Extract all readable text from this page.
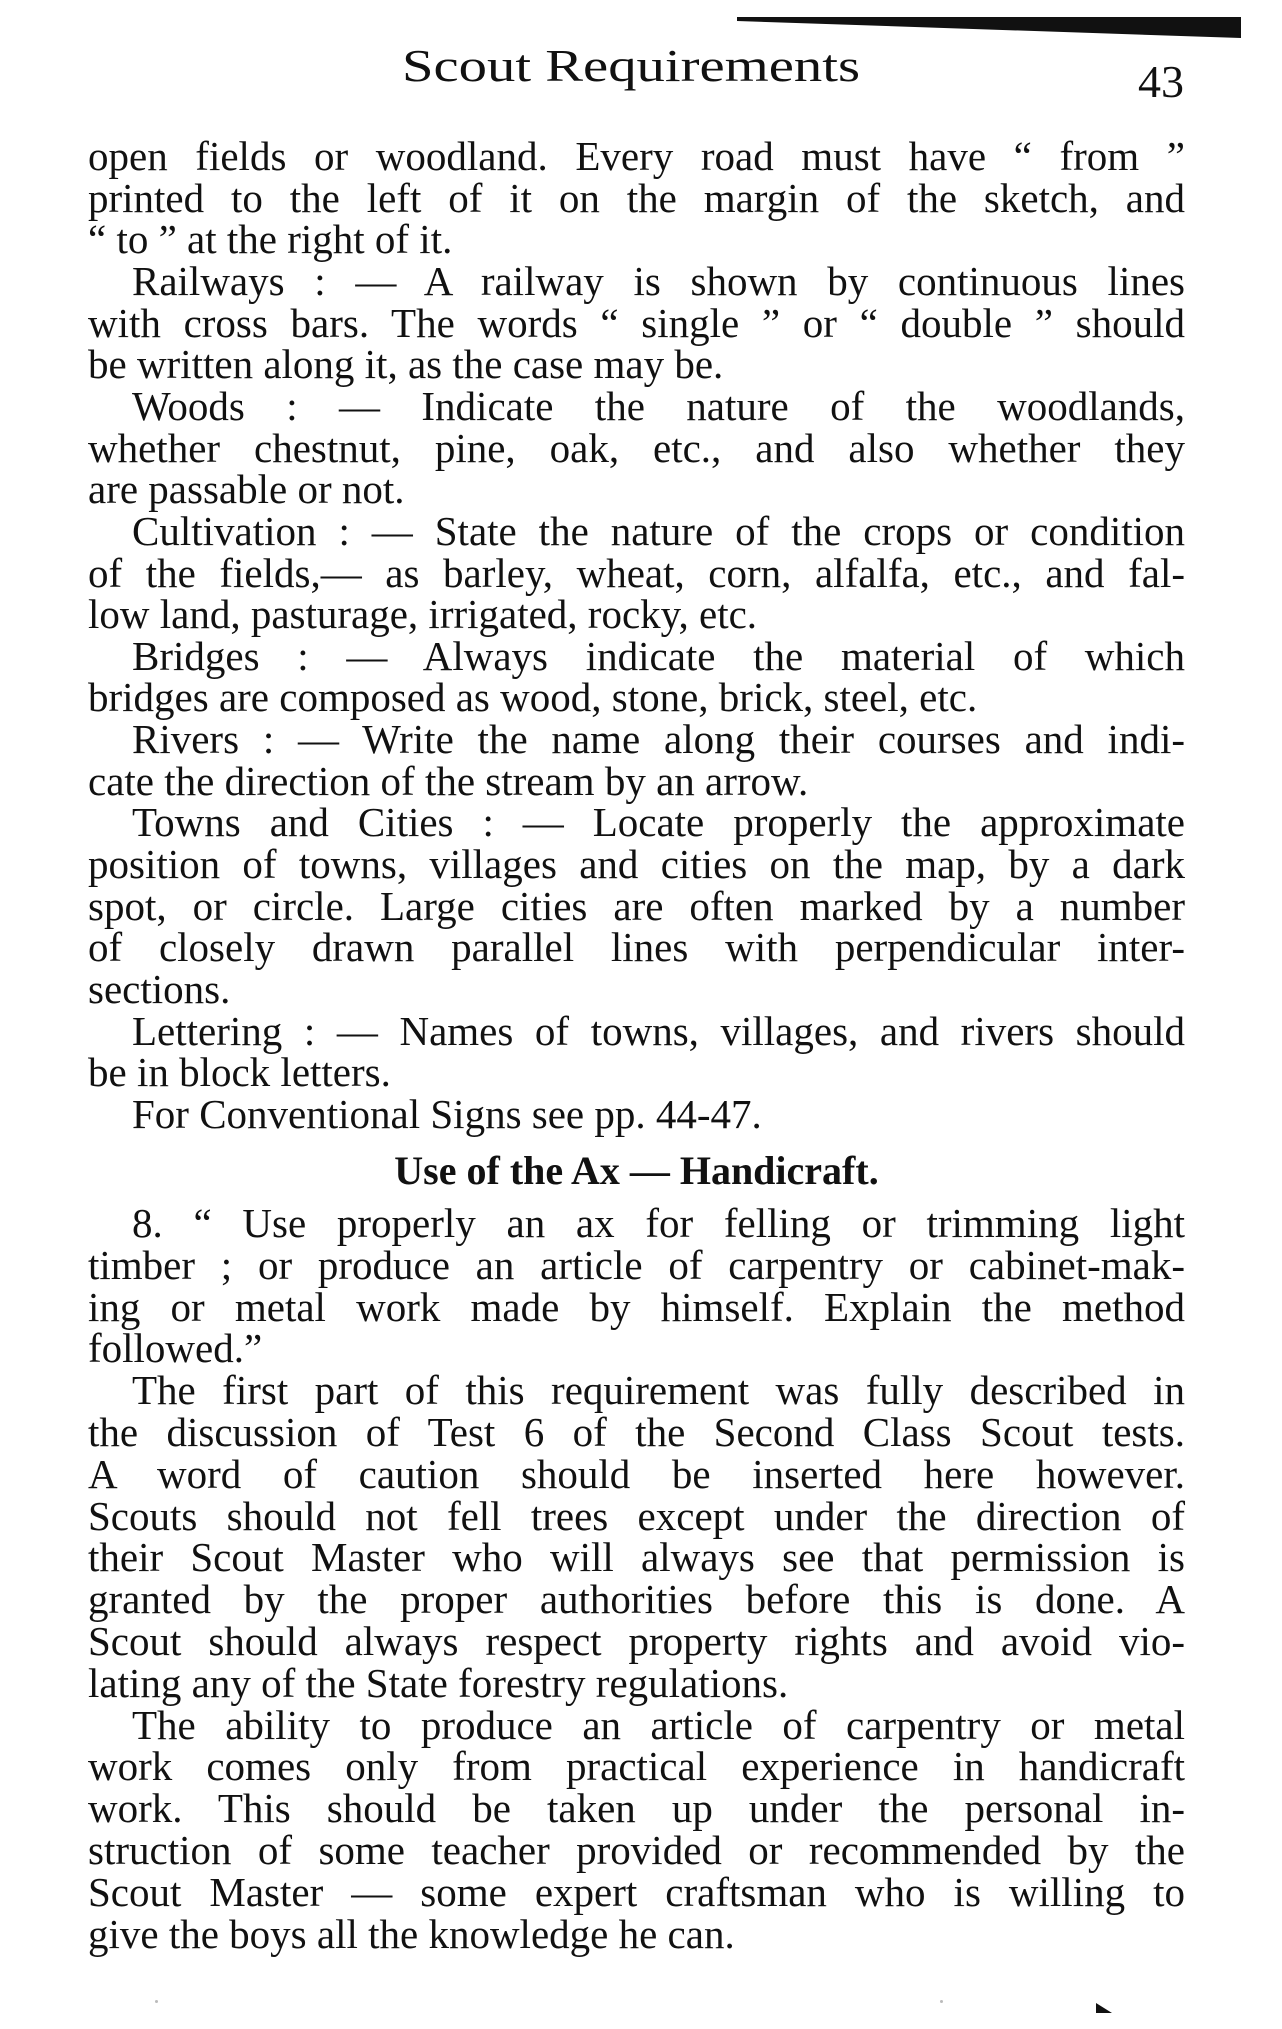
Scout Requirements	43
open fields or woodland. Every road must have “ from ”
printed to the left of it on the margin of the sketch, and
“ to ” at the right of it.
Railways : — A railway is shown by continuous lines
with cross bars. The words “ single ” or “ double ” should
be written along it, as the case may be.
Woods : — Indicate the nature of the woodlands,
whether chestnut, pine, oak, etc., and also whether they
are passable or not.
Cultivation : — State the nature of the crops or condition
of the fields,— as barley, wheat, corn, alfalfa, etc., and fal-
low land, pasturage, irrigated, rocky, etc.
Bridges : — Always indicate the material of which
bridges are composed as wood, stone, brick, steel, etc.
Rivers : — Write the name along their courses and indi-
cate the direction of the stream by an arrow.
Towns and Cities : — Locate properly the approximate
position of towns, villages and cities on the map, by a dark
spot, or circle. Large cities are often marked by a number
of closely drawn parallel lines with perpendicular inter-
sections.
Lettering : — Names of towns, villages, and rivers should
be in block letters.
For Conventional Signs see pp. 44-47.
Use of the Ax — Handicraft.
8. “ Use properly an ax for felling or trimming light
timber ; or produce an article of carpentry or cabinet-mak-
ing or metal work made by himself. Explain the method
followed.”
The first part of this requirement was fully described in
the discussion of Test 6 of the Second Class Scout tests.
A word of caution should be inserted here however.
Scouts should not fell trees except under the direction of
their Scout Master who will always see that permission is
granted by the proper authorities before this is done. A
Scout should always respect property rights and avoid vio-
lating any of the State forestry regulations.
The ability to produce an article of carpentry or metal
work comes only from practical experience in handicraft
work. This should be taken up under the personal in-
struction of some teacher provided or recommended by the
Scout Master — some expert craftsman who is willing to
give the boys all the knowledge he can.
